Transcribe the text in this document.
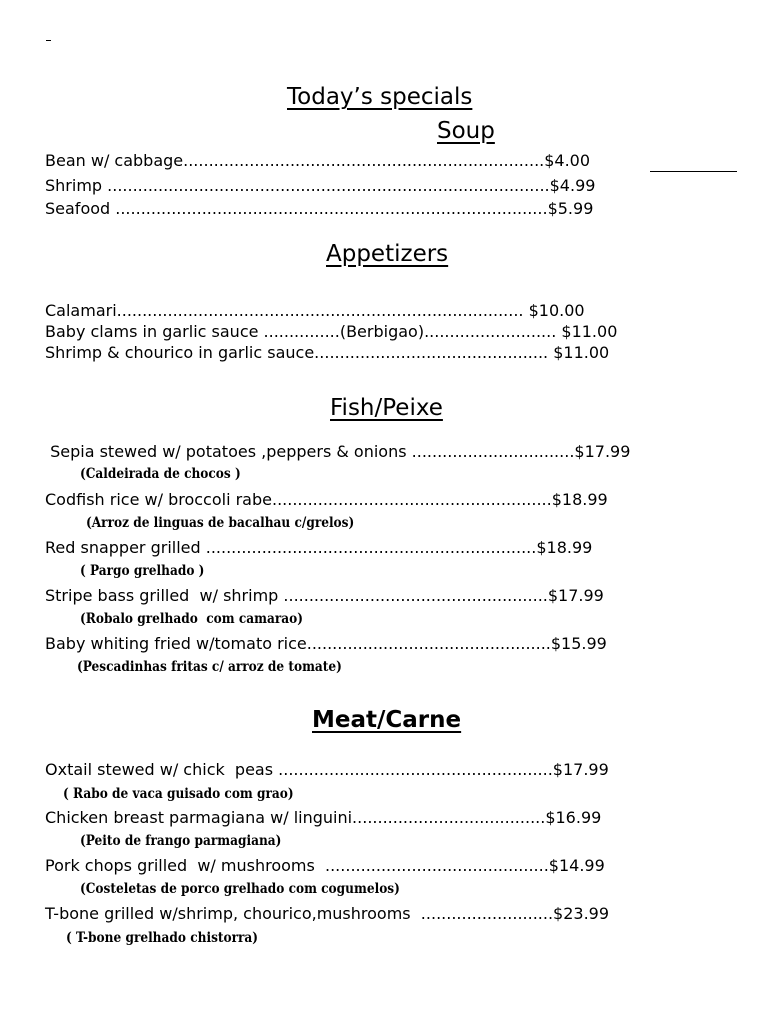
Today’s specials
Soup
Bean w/ cabbage.......................................................................$4.00
Shrimp .......................................................................................$4.99
Seafood .....................................................................................$5.99
Appetizers
Calamari................................................................................ $10.00
Baby clams in garlic sauce ...............(Berbigao).......................... $11.00
Shrimp & chourico in garlic sauce.............................................. $11.00
Fish/Peixe
Sepia stewed w/ potatoes ,peppers & onions ................................$17.99
(Caldeirada de chocos )
Codfish rice w/ broccoli rabe.......................................................$18.99
(Arroz de linguas de bacalhau c/grelos)
Red snapper grilled .................................................................$18.99
( Pargo grelhado )
Stripe bass grilled  w/ shrimp ....................................................$17.99
(Robalo grelhado  com camarao)
Baby whiting fried w/tomato rice................................................$15.99
(Pescadinhas fritas c/ arroz de tomate)
Meat/Carne
Oxtail stewed w/ chick  peas ......................................................$17.99
( Rabo de vaca guisado com grao)
Chicken breast parmagiana w/ linguini......................................$16.99
(Peito de frango parmagiana)
Pork chops grilled  w/ mushrooms  ............................................$14.99
(Costeletas de porco grelhado com cogumelos)
T-bone grilled w/shrimp, chourico,mushrooms  ..........................$23.99
( T-bone grelhado chistorra)
